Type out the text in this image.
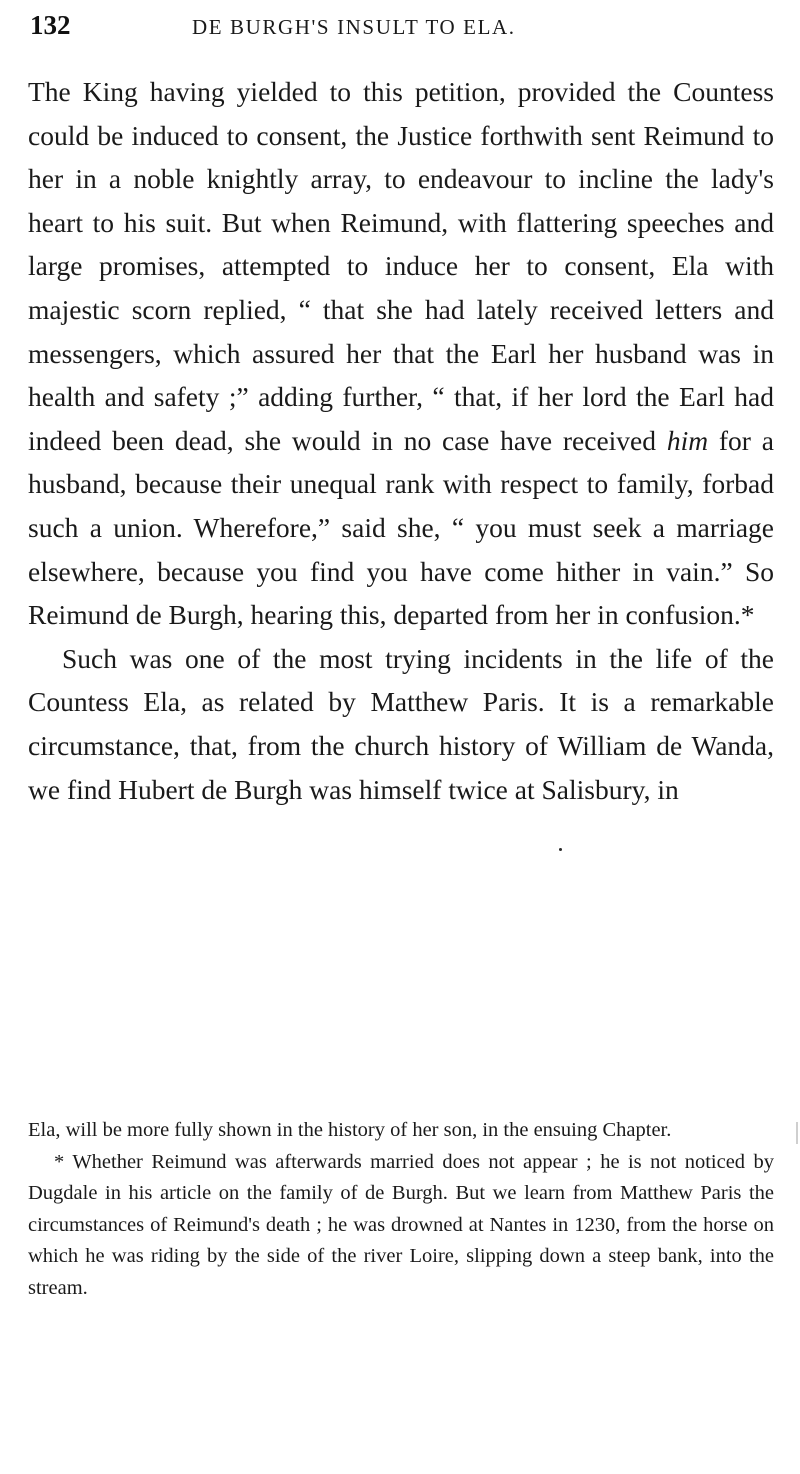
132	DE BURGH'S INSULT TO ELA.

The King having yielded to this petition, provided the Countess could be induced to consent, the Justice forthwith sent Reimund to her in a noble knightly array, to endeavour to incline the lady's heart to his suit. But when Reimund, with flattering speeches and large promises, attempted to induce her to consent, Ela with majestic scorn replied, “ that she had lately received letters and messengers, which assured her that the Earl her husband was in health and safety ;” adding further, “ that, if her lord the Earl had indeed been dead, she would in no case have received him for a husband, because their unequal rank with respect to family, forbad such a union. Wherefore,” said she, “ you must seek a marriage elsewhere, because you find you have come hither in vain.” So Reimund de Burgh, hearing this, departed from her in confusion.*

Such was one of the most trying incidents in the life of the Countess Ela, as related by Matthew Paris. It is a remarkable circumstance, that, from the church history of William de Wanda, we find Hubert de Burgh was himself twice at Salisbury, in

Ela, will be more fully shown in the history of her son, in the ensuing Chapter.

* Whether Reimund was afterwards married does not appear ; he is not noticed by Dugdale in his article on the family of de Burgh. But we learn from Matthew Paris the circumstances of Reimund's death ; he was drowned at Nantes in 1230, from the horse on which he was riding by the side of the river Loire, slipping down a steep bank, into the stream.
